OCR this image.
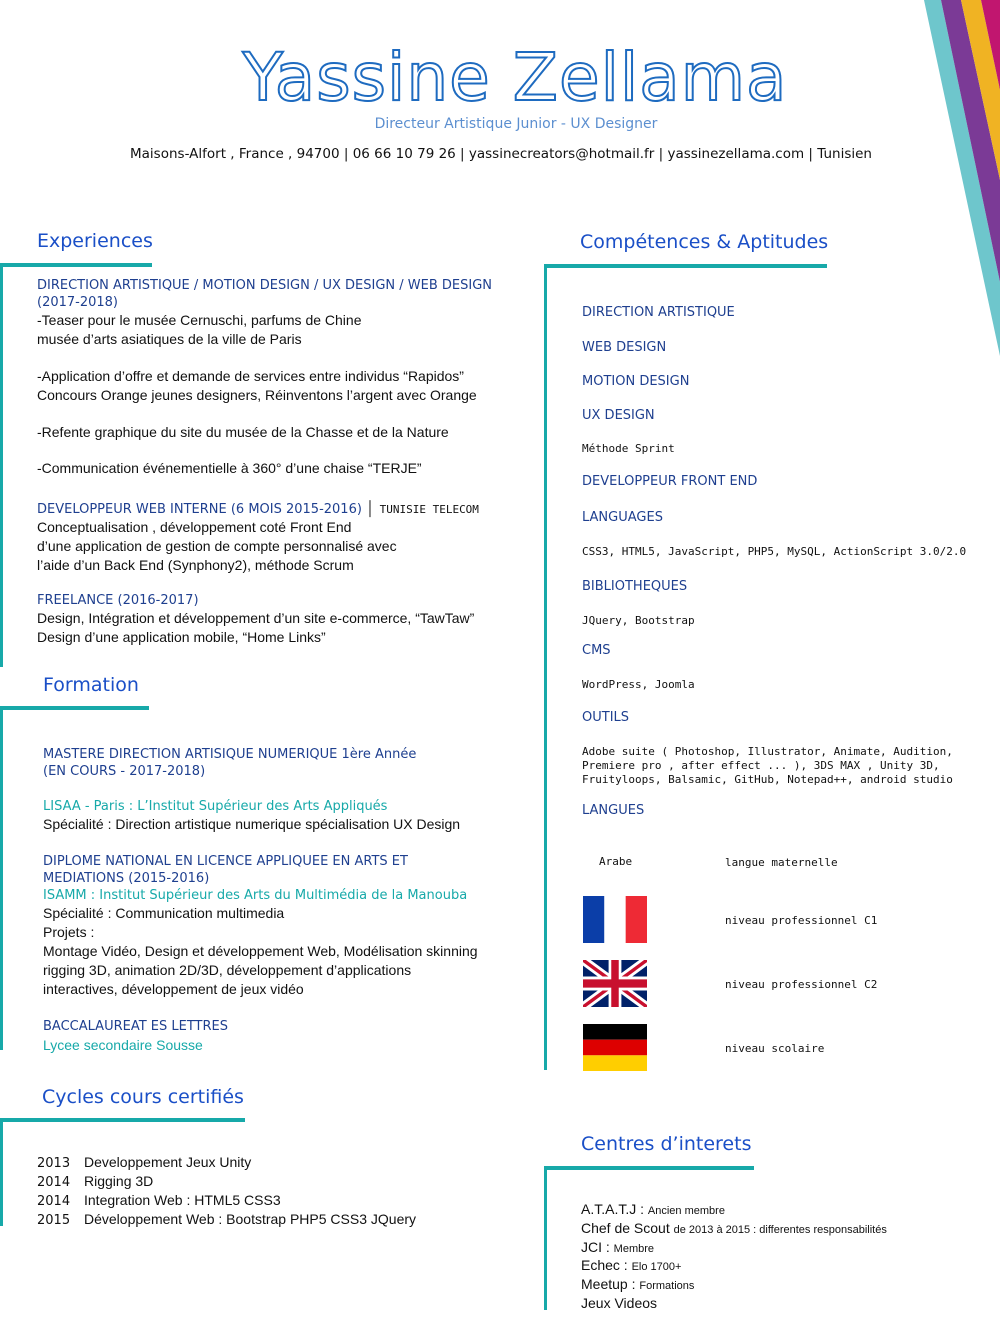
Yassine Zellama
Directeur Artistique Junior - UX Designer
Maisons-Alfort , France , 94700 | 06 66 10 79 26 | yassinecreators@hotmail.fr | yassinezellama.com | Tunisien
Experiences
DIRECTION ARTISTIQUE / MOTION DESIGN / UX DESIGN / WEB DESIGN
(2017-2018)
-Teaser pour le musée Cernuschi, parfums de Chine
musée d’arts asiatiques de la ville de Paris
-Application d’offre et demande de services entre individus “Rapidos”
Concours Orange jeunes designers, Réinventons l’argent avec Orange
-Refente graphique du site du musée de la Chasse et de la Nature
-Communication événementielle à 360° d’une chaise “TERJE”
DEVELOPPEUR WEB INTERNE (6 MOIS 2015-2016) │ TUNISIE TELECOM
Conceptualisation , développement coté Front End
d’une application de gestion de compte personnalisé avec
l’aide d’un Back End (Synphony2), méthode Scrum
FREELANCE (2016-2017)
Design, Intégration et développement d’un site e-commerce, “TawTaw”
Design d’une application mobile, “Home Links”
Formation
MASTERE DIRECTION ARTISIQUE NUMERIQUE 1ère Année
(EN COURS - 2017-2018)
LISAA - Paris : L’Institut Supérieur des Arts Appliqués
Spécialité : Direction artistique numerique spécialisation UX Design
DIPLOME NATIONAL EN LICENCE APPLIQUEE EN ARTS ET
MEDIATIONS (2015-2016)
ISAMM : Institut Supérieur des Arts du Multimédia de la Manouba
Spécialité : Communication multimedia
Projets :
Montage Vidéo, Design et développement Web, Modélisation skinning
rigging 3D, animation 2D/3D, développement d’applications
interactives, développement de jeux vidéo
BACCALAUREAT ES LETTRES
Lycee secondaire Sousse
Cycles cours certifiés
2013 Developpement Jeux Unity
2014 Rigging 3D
2014 Integration Web : HTML5 CSS3
2015 Développement Web : Bootstrap PHP5 CSS3 JQuery
Compétences & Aptitudes
DIRECTION ARTISTIQUE
WEB DESIGN
MOTION DESIGN
UX DESIGN
Méthode Sprint
DEVELOPPEUR FRONT END
LANGUAGES
CSS3, HTML5, JavaScript, PHP5, MySQL, ActionScript 3.0/2.0
BIBLIOTHEQUES
JQuery, Bootstrap
CMS
WordPress, Joomla
OUTILS
Adobe suite ( Photoshop, Illustrator, Animate, Audition,
Premiere pro , after effect ... ), 3DS MAX , Unity 3D,
Fruityloops, Balsamic, GitHub, Notepad++, android studio
LANGUES
Arabe	langue maternelle
niveau professionnel C1
niveau professionnel C2
niveau scolaire
Centres d’interets
A.T.A.T.J : Ancien membre
Chef de Scout de 2013 à 2015 : differentes responsabilités
JCI : Membre
Echec : Elo 1700+
Meetup : Formations
Jeux Videos
